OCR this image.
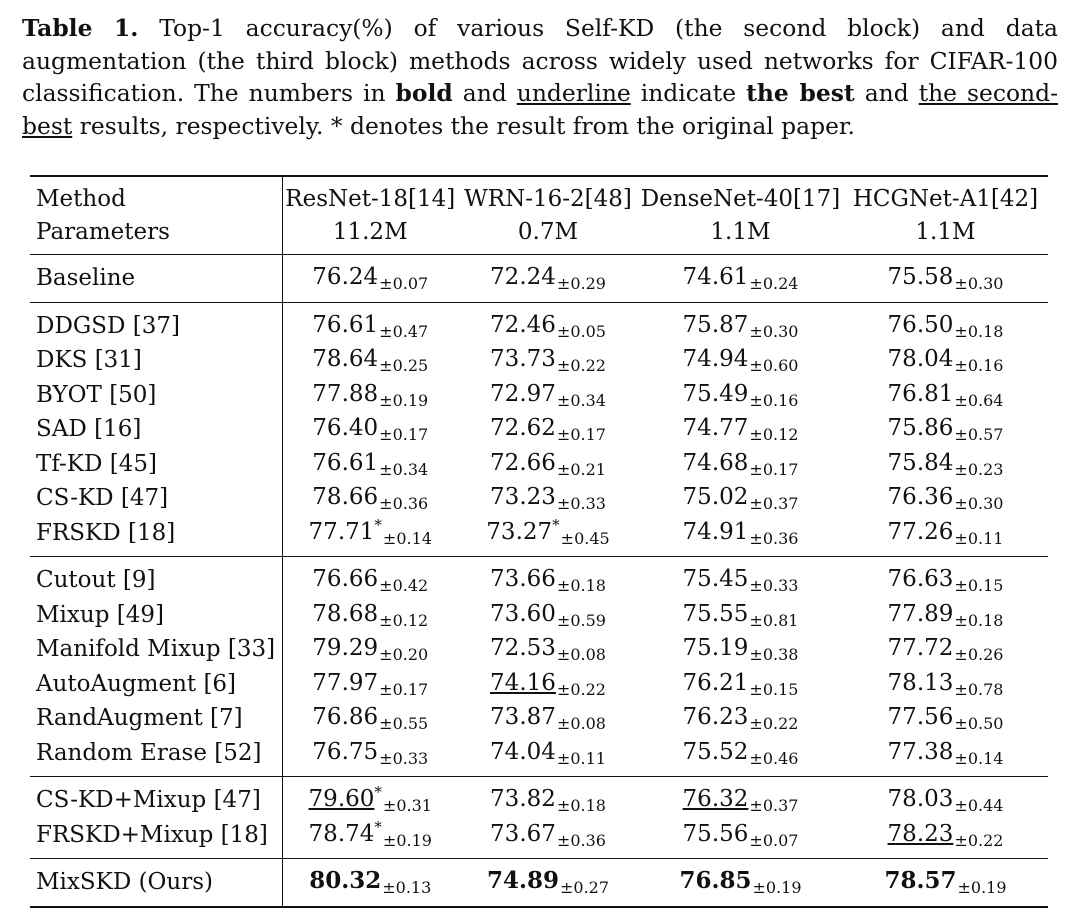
Table 1. Top-1 accuracy(%) of various Self-KD (the second block) and data augmentation (the third block) methods across widely used networks for CIFAR-100 classification. The numbers in bold and underline indicate the best and the second-best results, respectively. * denotes the result from the original paper.
Method	ResNet-18[14]	WRN-16-2[48]	DenseNet-40[17]	HCGNet-A1[42]
Parameters	11.2M	0.7M	1.1M	1.1M
Baseline	$76.24_{\pm 0.07}$	$72.24_{\pm 0.29}$	$74.61_{\pm 0.24}$	$75.58_{\pm 0.30}$
DDGSD [37]	$76.61_{\pm 0.47}$	$72.46_{\pm 0.05}$	$75.87_{\pm 0.30}$	$76.50_{\pm 0.18}$
DKS [31]	$78.64_{\pm 0.25}$	$73.73_{\pm 0.22}$	$74.94_{\pm 0.60}$	$78.04_{\pm 0.16}$
BYOT [50]	$77.88_{\pm 0.19}$	$72.97_{\pm 0.34}$	$75.49_{\pm 0.16}$	$76.81_{\pm 0.64}$
SAD [16]	$76.40_{\pm 0.17}$	$72.62_{\pm 0.17}$	$74.77_{\pm 0.12}$	$75.86_{\pm 0.57}$
Tf-KD [45]	$76.61_{\pm 0.34}$	$72.66_{\pm 0.21}$	$74.68_{\pm 0.17}$	$75.84_{\pm 0.23}$
CS-KD [47]	$78.66_{\pm 0.36}$	$73.23_{\pm 0.33}$	$75.02_{\pm 0.37}$	$76.36_{\pm 0.30}$
FRSKD [18]	$77.71^*_{\pm 0.14}$	$73.27^*_{\pm 0.45}$	$74.91_{\pm 0.36}$	$77.26_{\pm 0.11}$
Cutout [9]	$76.66_{\pm 0.42}$	$73.66_{\pm 0.18}$	$75.45_{\pm 0.33}$	$76.63_{\pm 0.15}$
Mixup [49]	$78.68_{\pm 0.12}$	$73.60_{\pm 0.59}$	$75.55_{\pm 0.81}$	$77.89_{\pm 0.18}$
Manifold Mixup [33]	$79.29_{\pm 0.20}$	$72.53_{\pm 0.08}$	$75.19_{\pm 0.38}$	$77.72_{\pm 0.26}$
AutoAugment [6]	$77.97_{\pm 0.17}$	$74.16_{\pm 0.22}$	$76.21_{\pm 0.15}$	$78.13_{\pm 0.78}$
RandAugment [7]	$76.86_{\pm 0.55}$	$73.87_{\pm 0.08}$	$76.23_{\pm 0.22}$	$77.56_{\pm 0.50}$
Random Erase [52]	$76.75_{\pm 0.33}$	$74.04_{\pm 0.11}$	$75.52_{\pm 0.46}$	$77.38_{\pm 0.14}$
CS-KD+Mixup [47]	$79.60^*_{\pm 0.31}$	$73.82_{\pm 0.18}$	$76.32_{\pm 0.37}$	$78.03_{\pm 0.44}$
FRSKD+Mixup [18]	$78.74^*_{\pm 0.19}$	$73.67_{\pm 0.36}$	$75.56_{\pm 0.07}$	$78.23_{\pm 0.22}$
MixSKD (Ours)	$80.32_{\pm 0.13}$	$74.89_{\pm 0.27}$	$76.85_{\pm 0.19}$	$78.57_{\pm 0.19}$
